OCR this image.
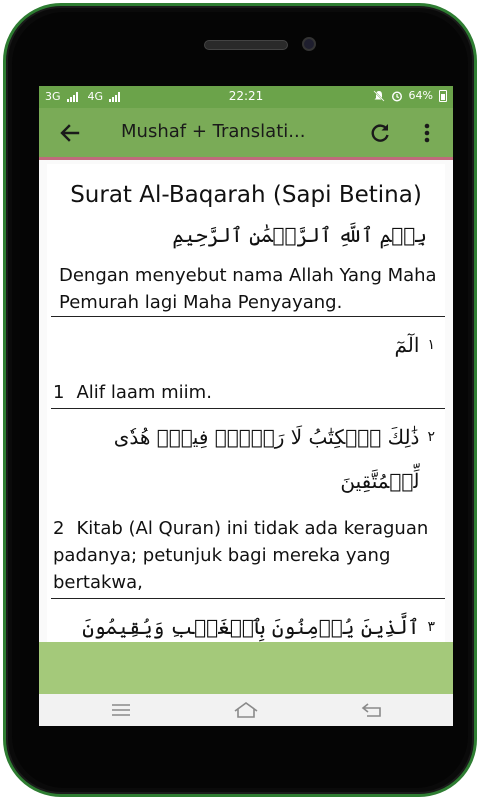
3G 4G	22:21	64%
Mushaf + Translati...
Surat Al-Baqarah (Sapi Betina)
بِسۡمِ ٱللَّهِ ٱلرَّحۡمَٰنِ ٱلرَّحِيمِ
Dengan menyebut nama Allah Yang Maha Pemurah lagi Maha Penyayang.
١
الٓمٓ
1 Alif laam miim.
٢
ذَٰلِكَ ٱلۡكِتَٰبُ لَا رَيۡبَۛ فِيهِۛ هُدٗى لِّلۡمُتَّقِينَ
2 Kitab (Al Quran) ini tidak ada keraguan padanya; petunjuk bagi mereka yang bertakwa,
٣
ٱلَّذِينَ يُؤۡمِنُونَ بِٱلۡغَيۡبِ وَيُقِيمُونَ
